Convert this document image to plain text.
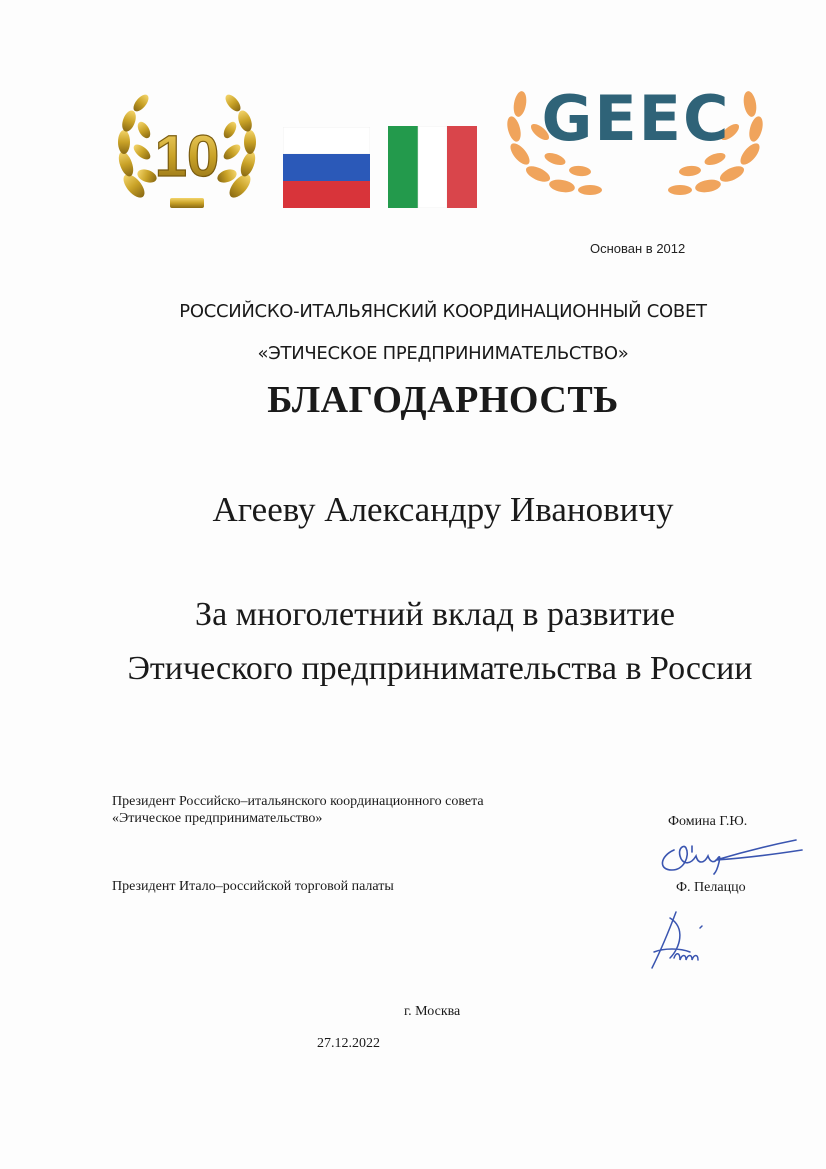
10
GEEC
Основан в 2012
РОССИЙСКО-ИТАЛЬЯНСКИЙ КООРДИНАЦИОННЫЙ СОВЕТ
«ЭТИЧЕСКОЕ ПРЕДПРИНИМАТЕЛЬСТВО»
БЛАГОДАРНОСТЬ
Агееву Александру Ивановичу
За многолетний вклад в развитие
Этического предпринимательства в России
Президент Российско–итальянского координационного совета
«Этическое предпринимательство»	Фомина Г.Ю.
Президент Итало–российской торговой палаты	Ф. Пелаццо
г. Москва
27.12.2022
